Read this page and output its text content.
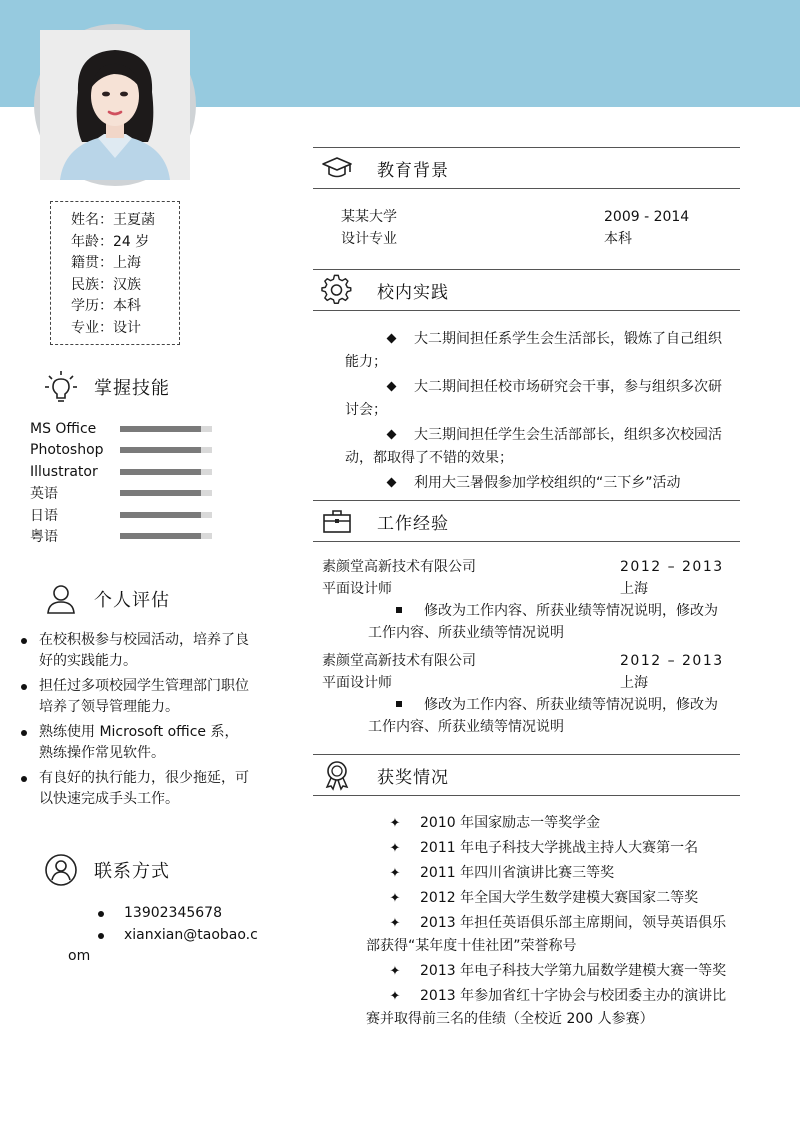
姓名：王夏菡
年龄：24 岁
籍贯：上海
民族：汉族
学历：本科
专业：设计
掌握技能
MS Office
Photoshop
Illustrator
英语
日语
粤语
个人评估
在校积极参与校园活动，培养了良好的实践能力。
担任过多项校园学生管理部门职位培养了领导管理能力。
熟练使用 Microsoft office 系，熟练操作常见软件。
有良好的执行能力，很少拖延，可以快速完成手头工作。
联系方式
13902345678
xianxian@taobao.c
om
教育背景
某某大学	2009 - 2014
设计专业	本科
校内实践

大二期间担任系学生会生活部长，锻炼了自己组织能力；

大二期间担任校市场研究会干事，参与组织多次研讨会；

大三期间担任学生会生活部部长，组织多次校园活动，都取得了不错的效果；

利用大三暑假参加学校组织的“三下乡”活动

工作经验
素颜堂高新技术有限公司	2012 – 2013
平面设计师	上海
修改为工作内容、所获业绩等情况说明，修改为工作内容、所获业绩等情况说明
素颜堂高新技术有限公司	2012 – 2013
平面设计师	上海
修改为工作内容、所获业绩等情况说明，修改为工作内容、所获业绩等情况说明
获奖情况

✦ 2010 年国家励志一等奖学金

✦ 2011 年电子科技大学挑战主持人大赛第一名

✦ 2011 年四川省演讲比赛三等奖

✦ 2012 年全国大学生数学建模大赛国家二等奖

✦ 2013 年担任英语俱乐部主席期间，领导英语俱乐部获得“某年度十佳社团”荣誉称号

✦ 2013 年电子科技大学第九届数学建模大赛一等奖

✦ 2013 年参加省红十字协会与校团委主办的演讲比赛并取得前三名的佳绩（全校近 200 人参赛）
